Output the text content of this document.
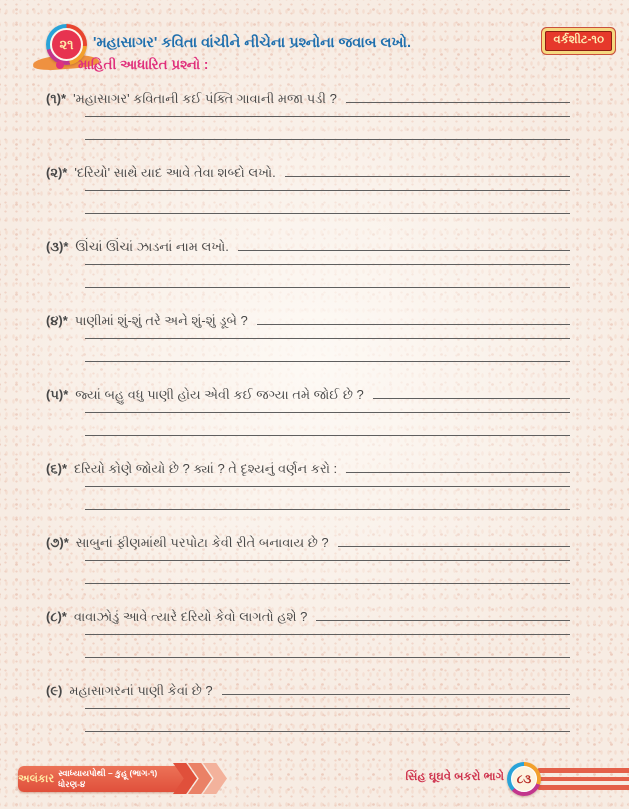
૨૧	'મહાસાગર' કવિતા વાંચીને નીચેના પ્રશ્નોના જવાબ લખો.	વર્કશીટ-૧૦
માહિતી આધારિત પ્રશ્નો :
(૧)* 'મહાસાગર' કવિતાની કઈ પંક્તિ ગાવાની મજા પડી ?
(૨)* 'દરિયો' સાથે યાદ આવે તેવા શબ્દો લખો.
(૩)* ઊંચાં ઊંચાં ઝાડનાં નામ લખો.
(૪)* પાણીમાં શું-શું તરે અને શું-શું ડૂબે ?
(૫)* જ્યાં બહુ વધુ પાણી હોય એવી કઈ જગ્યા તમે જોઈ છે ?
(૬)* દરિયો કોણે જોયો છે ? ક્યાં ? તે દૃશ્યનું વર્ણન કરો :
(૭)* સાબુનાં ફીણમાંથી પરપોટા કેવી રીતે બનાવાય છે ?
(૮)* વાવાઝોડું આવે ત્યારે દરિયો કેવો લાગતો હશે ?
(૯) મહાસાગરનાં પાણી કેવાં છે ?
અલંકાર સ્વાધ્યાયપોથી – કુહૂ (ભાગ-૧) ધોરણ-૪
સિંહ ઘૂઘવે બકરો ભાગે	૮૩
